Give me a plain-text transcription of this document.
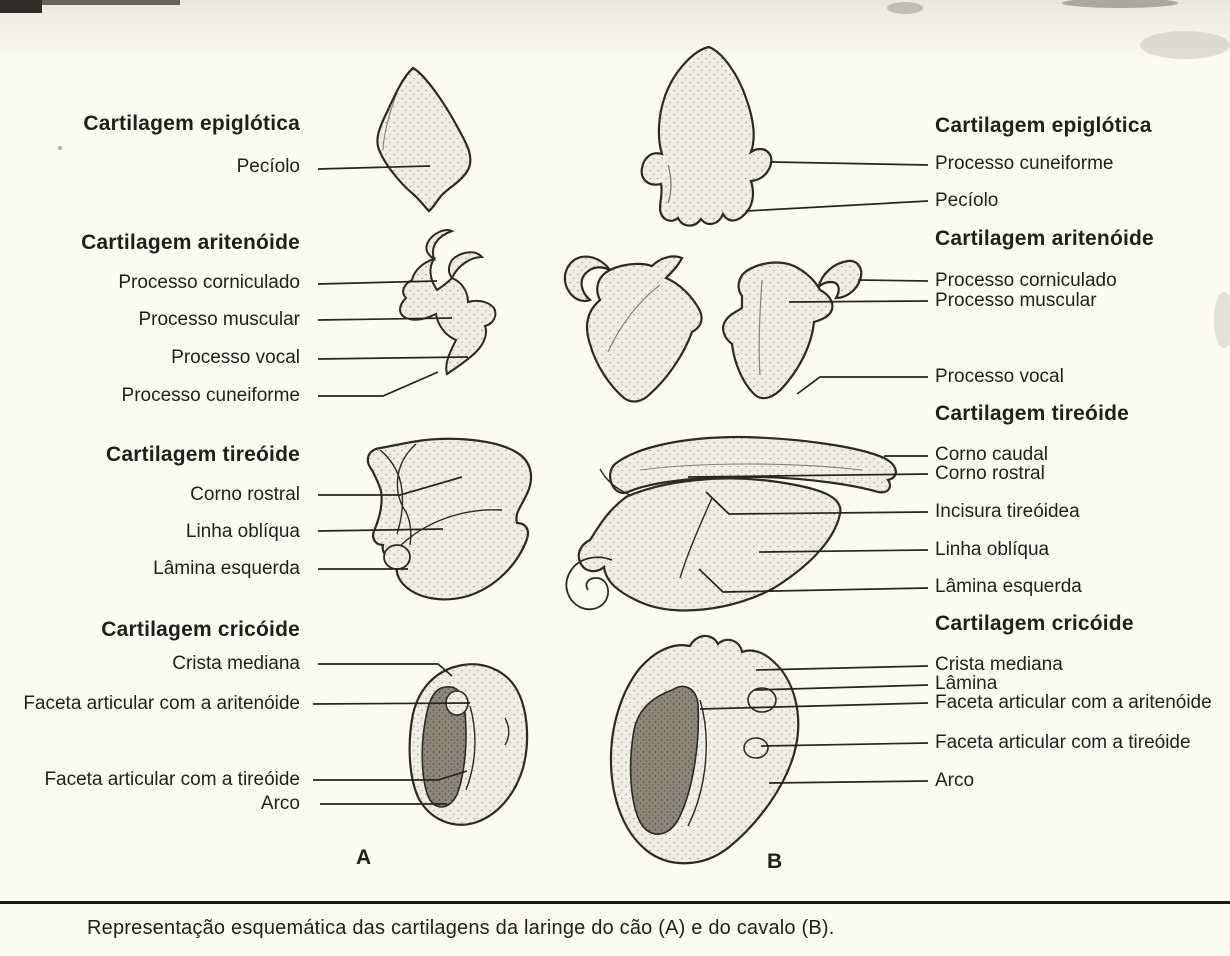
Cartilagem epiglótica
Pecíolo
Cartilagem aritenóide
Processo corniculado
Processo muscular
Processo vocal
Processo cuneiforme
Cartilagem tireóide
Corno rostral
Linha oblíqua
Lâmina esquerda
Cartilagem cricóide
Crista mediana
Faceta articular com a aritenóide
Faceta articular com a tireóide
Arco
Cartilagem epiglótica
Processo cuneiforme
Pecíolo
Cartilagem aritenóide
Processo corniculado
Processo muscular
Processo vocal
Cartilagem tireóide
Corno caudal
Corno rostral
Incisura tireóidea
Linha oblíqua
Lâmina esquerda
Cartilagem cricóide
Crista mediana
Lâmina
Faceta articular com a aritenóide
Faceta articular com a tireóide
Arco
A	B
Representação esquemática das cartilagens da laringe do cão (A) e do cavalo (B).
